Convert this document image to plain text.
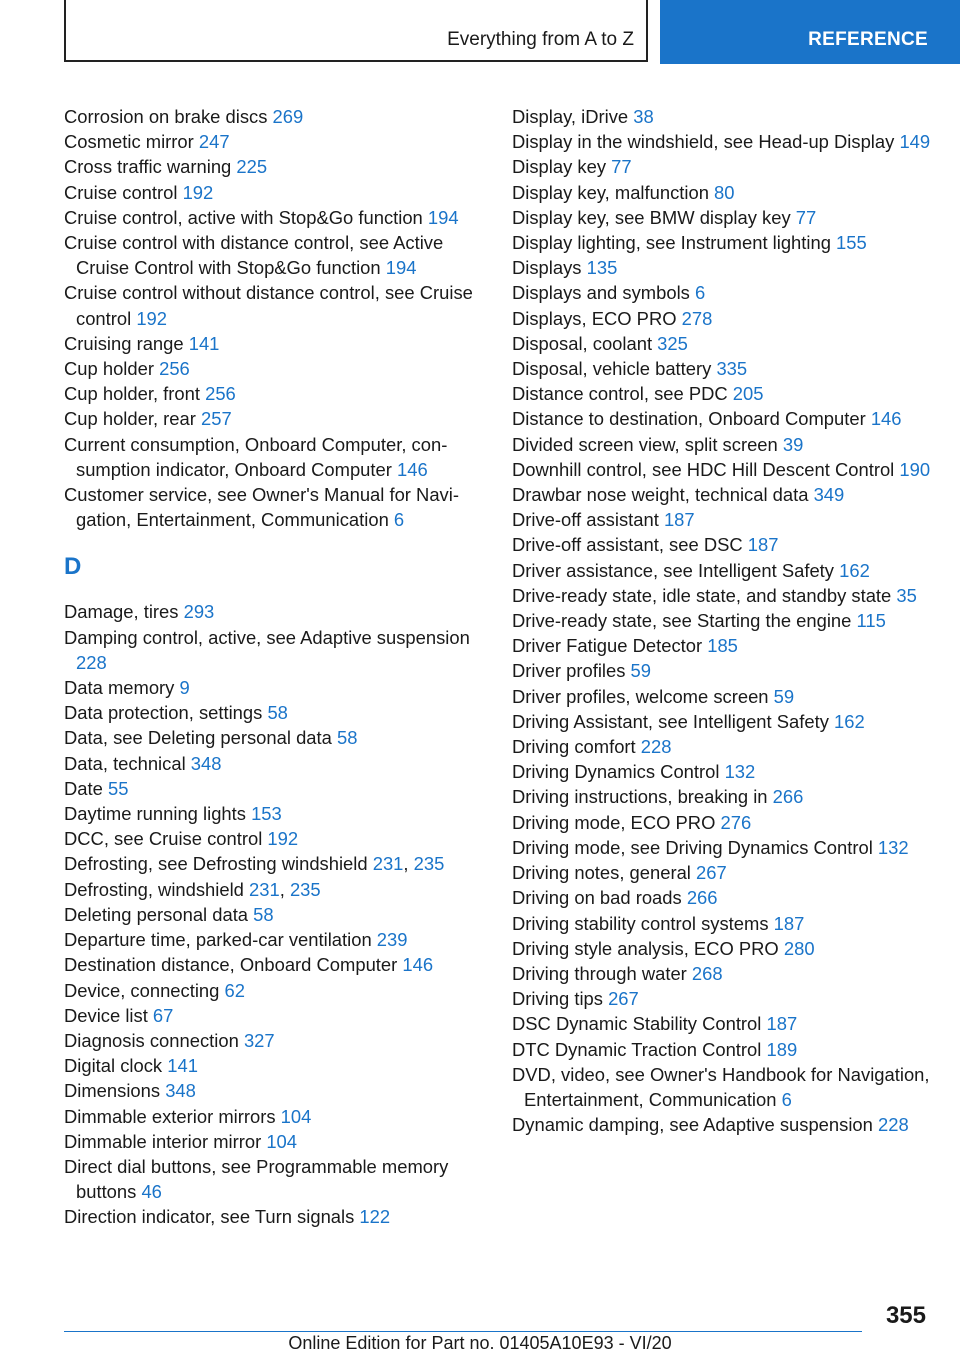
Everything from A to Z	REFERENCE
Corrosion on brake discs 269
Cosmetic mirror 247
Cross traffic warning 225
Cruise control 192
Cruise control, active with Stop&Go function 194
Cruise control with distance control, see Active Cruise Control with Stop&Go function 194
Cruise control without distance control, see Cruise control 192
Cruising range 141
Cup holder 256
Cup holder, front 256
Cup holder, rear 257
Current consumption, Onboard Computer, consumption indicator, Onboard Computer 146
Customer service, see Owner's Manual for Navigation, Entertainment, Communication 6
D
Damage, tires 293
Damping control, active, see Adaptive suspension 228
Data memory 9
Data protection, settings 58
Data, see Deleting personal data 58
Data, technical 348
Date 55
Daytime running lights 153
DCC, see Cruise control 192
Defrosting, see Defrosting windshield 231, 235
Defrosting, windshield 231, 235
Deleting personal data 58
Departure time, parked-car ventilation 239
Destination distance, Onboard Computer 146
Device, connecting 62
Device list 67
Diagnosis connection 327
Digital clock 141
Dimensions 348
Dimmable exterior mirrors 104
Dimmable interior mirror 104
Direct dial buttons, see Programmable memory buttons 46
Direction indicator, see Turn signals 122
Display, iDrive 38
Display in the windshield, see Head-up Display 149
Display key 77
Display key, malfunction 80
Display key, see BMW display key 77
Display lighting, see Instrument lighting 155
Displays 135
Displays and symbols 6
Displays, ECO PRO 278
Disposal, coolant 325
Disposal, vehicle battery 335
Distance control, see PDC 205
Distance to destination, Onboard Computer 146
Divided screen view, split screen 39
Downhill control, see HDC Hill Descent Control 190
Drawbar nose weight, technical data 349
Drive-off assistant 187
Drive-off assistant, see DSC 187
Driver assistance, see Intelligent Safety 162
Drive-ready state, idle state, and standby state 35
Drive-ready state, see Starting the engine 115
Driver Fatigue Detector 185
Driver profiles 59
Driver profiles, welcome screen 59
Driving Assistant, see Intelligent Safety 162
Driving comfort 228
Driving Dynamics Control 132
Driving instructions, breaking in 266
Driving mode, ECO PRO 276
Driving mode, see Driving Dynamics Control 132
Driving notes, general 267
Driving on bad roads 266
Driving stability control systems 187
Driving style analysis, ECO PRO 280
Driving through water 268
Driving tips 267
DSC Dynamic Stability Control 187
DTC Dynamic Traction Control 189
DVD, video, see Owner's Handbook for Navigation, Entertainment, Communication 6
Dynamic damping, see Adaptive suspension 228
355
Online Edition for Part no. 01405A10E93 - VI/20
